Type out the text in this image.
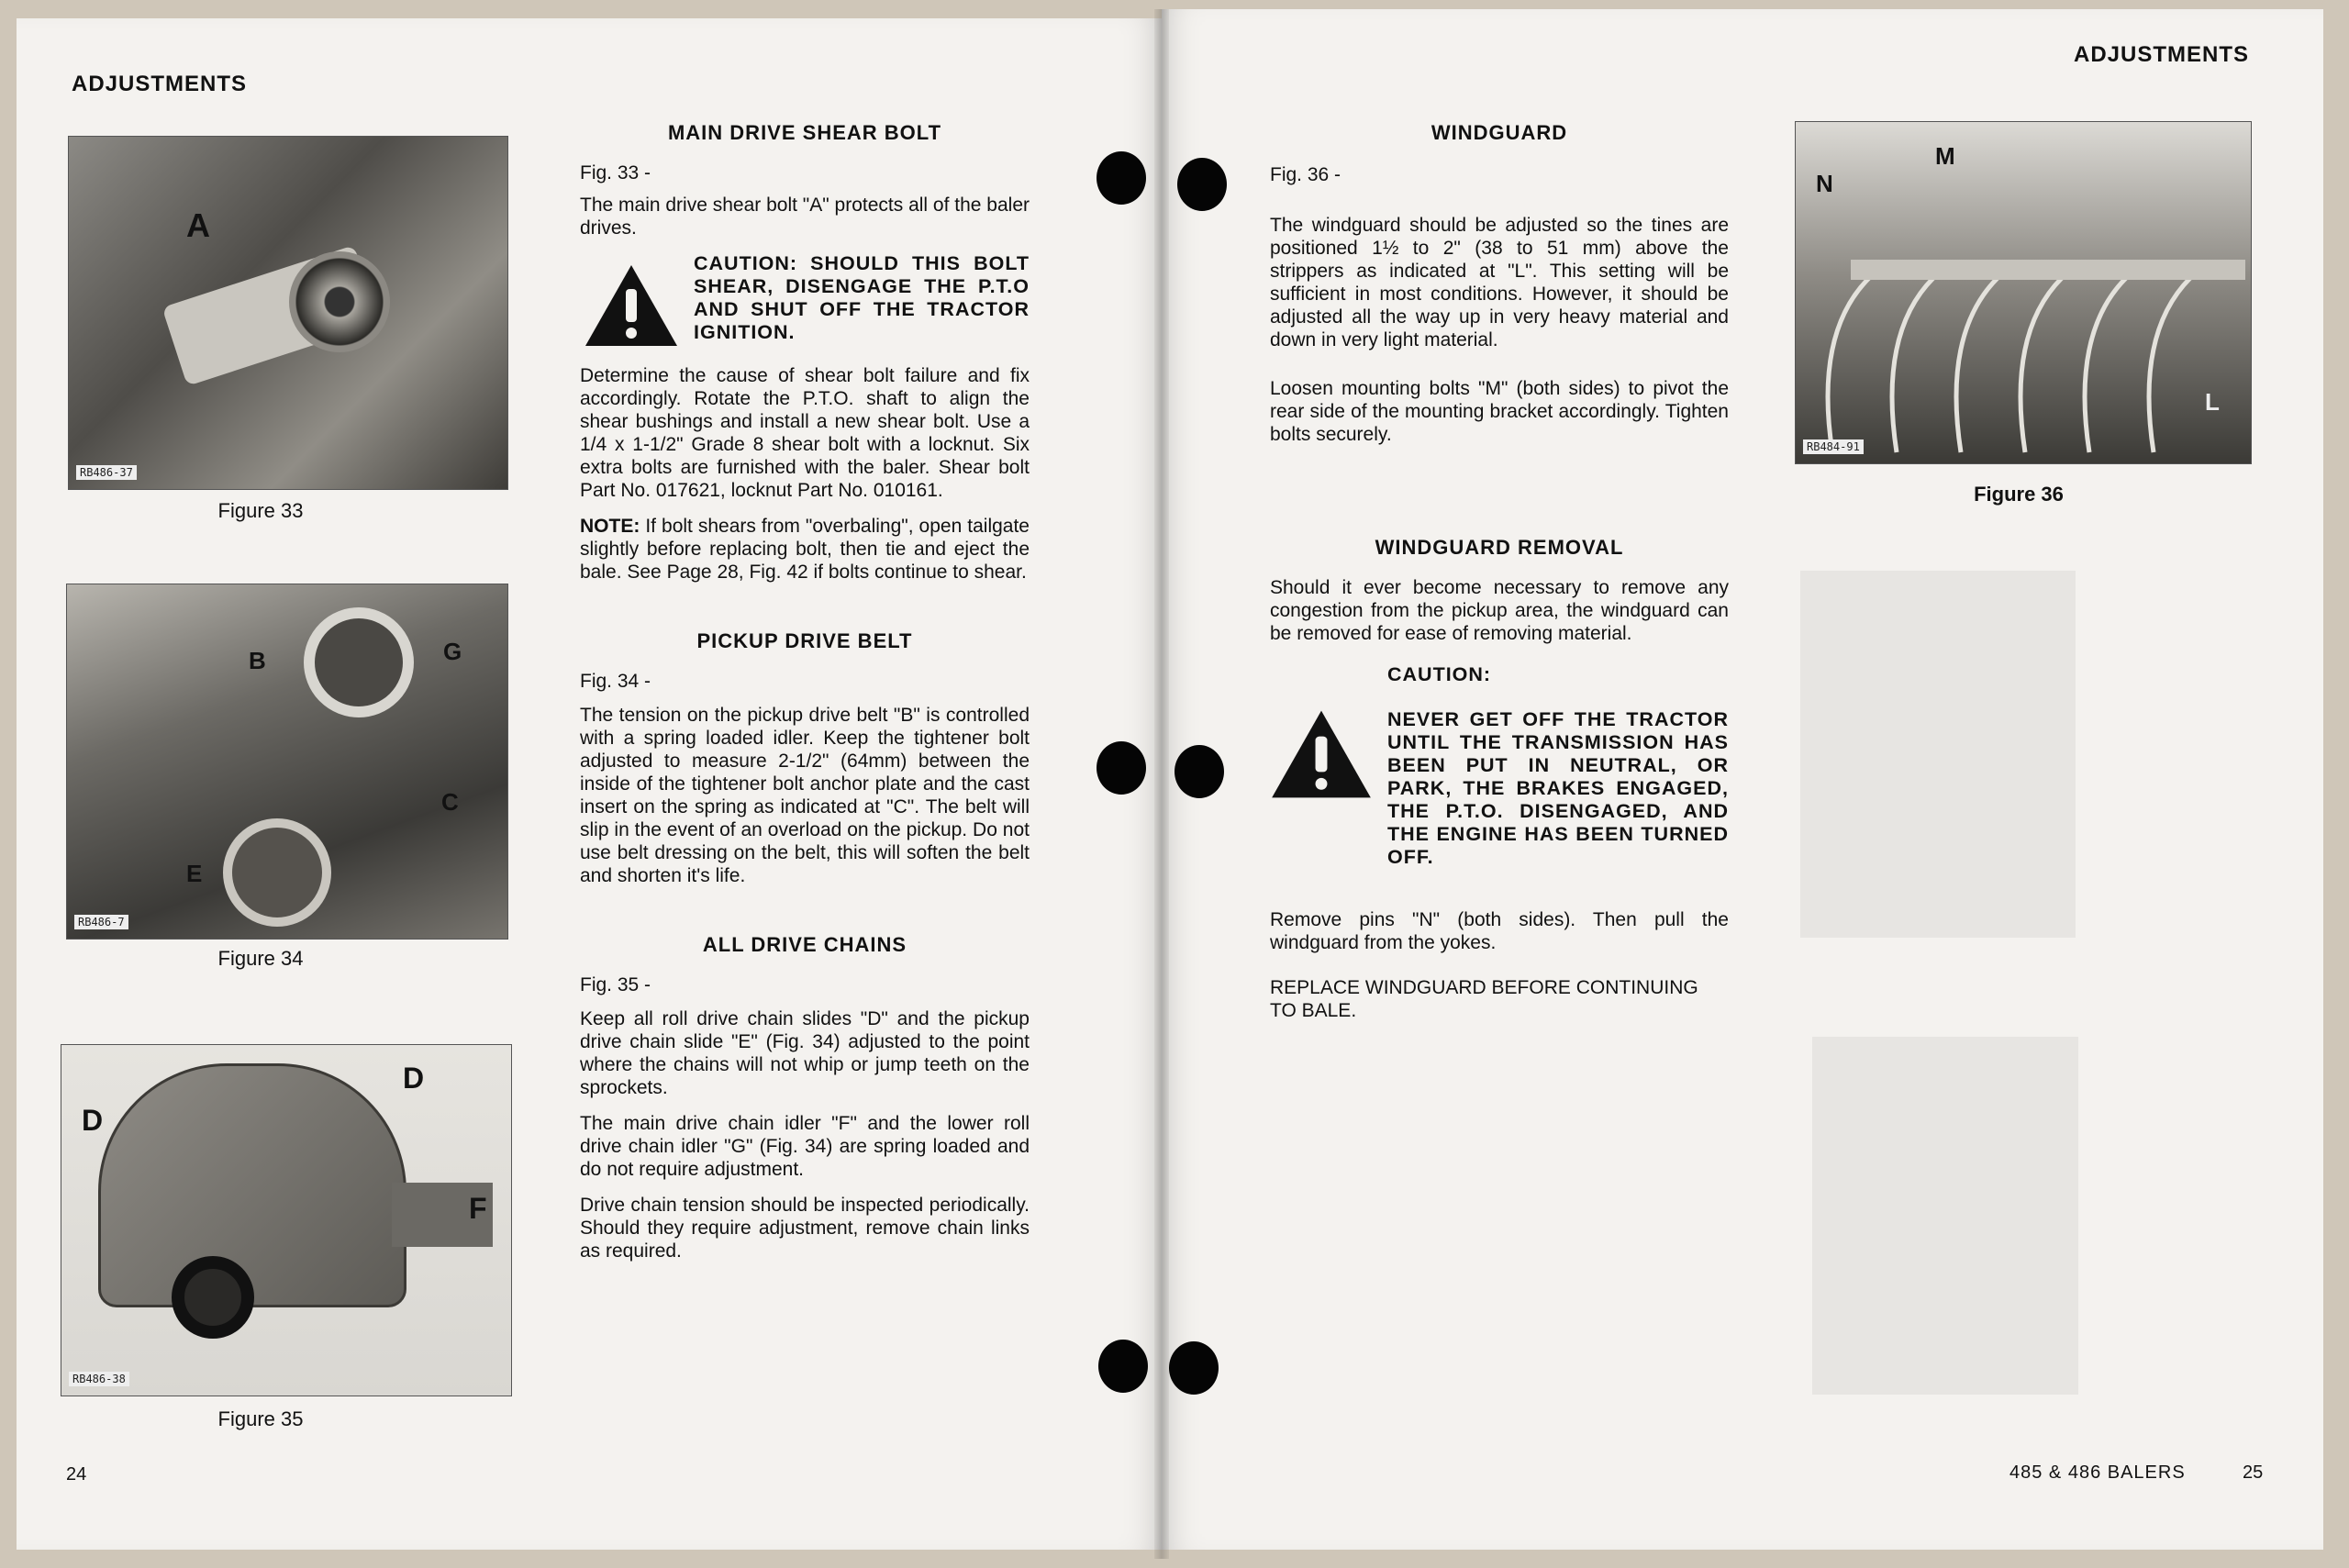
ADJUSTMENTS
A
RB486-37
Figure 33
B	G
C
E
RB486-7
Figure 34
D
D
F
RB486-38
Figure 35
24
MAIN DRIVE SHEAR BOLT
Fig. 33 -
The main drive shear bolt "A" protects all of the baler drives.
CAUTION: SHOULD THIS BOLT SHEAR, DISENGAGE THE P.T.O AND SHUT OFF THE TRACTOR IGNITION.
Determine the cause of shear bolt failure and fix accordingly. Rotate the P.T.O. shaft to align the shear bushings and install a new shear bolt. Use a 1/4 x 1-1/2" Grade 8 shear bolt with a locknut. Six extra bolts are furnished with the baler. Shear bolt Part No. 017621, locknut Part No. 010161.
NOTE: If bolt shears from "overbaling", open tailgate slightly before replacing bolt, then tie and eject the bale. See Page 28, Fig. 42 if bolts continue to shear.
PICKUP DRIVE BELT
Fig. 34 -
The tension on the pickup drive belt "B" is controlled with a spring loaded idler. Keep the tightener bolt adjusted to measure 2-1/2" (64mm) between the inside of the tightener bolt anchor plate and the cast insert on the spring as indicated at "C". The belt will slip in the event of an overload on the pickup. Do not use belt dressing on the belt, this will soften the belt and shorten it's life.
ALL DRIVE CHAINS
Fig. 35 -
Keep all roll drive chain slides "D" and the pickup drive chain slide "E" (Fig. 34) adjusted to the point where the chains will not whip or jump teeth on the sprockets.
The main drive chain idler "F" and the lower roll drive chain idler "G" (Fig. 34) are spring loaded and do not require adjustment.
Drive chain tension should be inspected periodically. Should they require adjustment, remove chain links as required.
ADJUSTMENTS
WINDGUARD
Fig. 36 -
The windguard should be adjusted so the tines are positioned 1½ to 2" (38 to 51 mm) above the strippers as indicated at "L". This setting will be sufficient in most conditions. However, it should be adjusted all the way up in very heavy material and down in very light material.
Loosen mounting bolts "M" (both sides) to pivot the rear side of the mounting bracket accordingly. Tighten bolts securely.
WINDGUARD REMOVAL
Should it ever become necessary to remove any congestion from the pickup area, the windguard can be removed for ease of removing material.
CAUTION:
NEVER GET OFF THE TRACTOR UNTIL THE TRANSMISSION HAS BEEN PUT IN NEUTRAL, OR PARK, THE BRAKES ENGAGED, THE P.T.O. DISENGAGED, AND THE ENGINE HAS BEEN TURNED OFF.
Remove pins "N" (both sides). Then pull the windguard from the yokes.
REPLACE WINDGUARD BEFORE CONTINUING TO BALE.
M
N
L
RB484-91
Figure 36
485 & 486 BALERS	25
